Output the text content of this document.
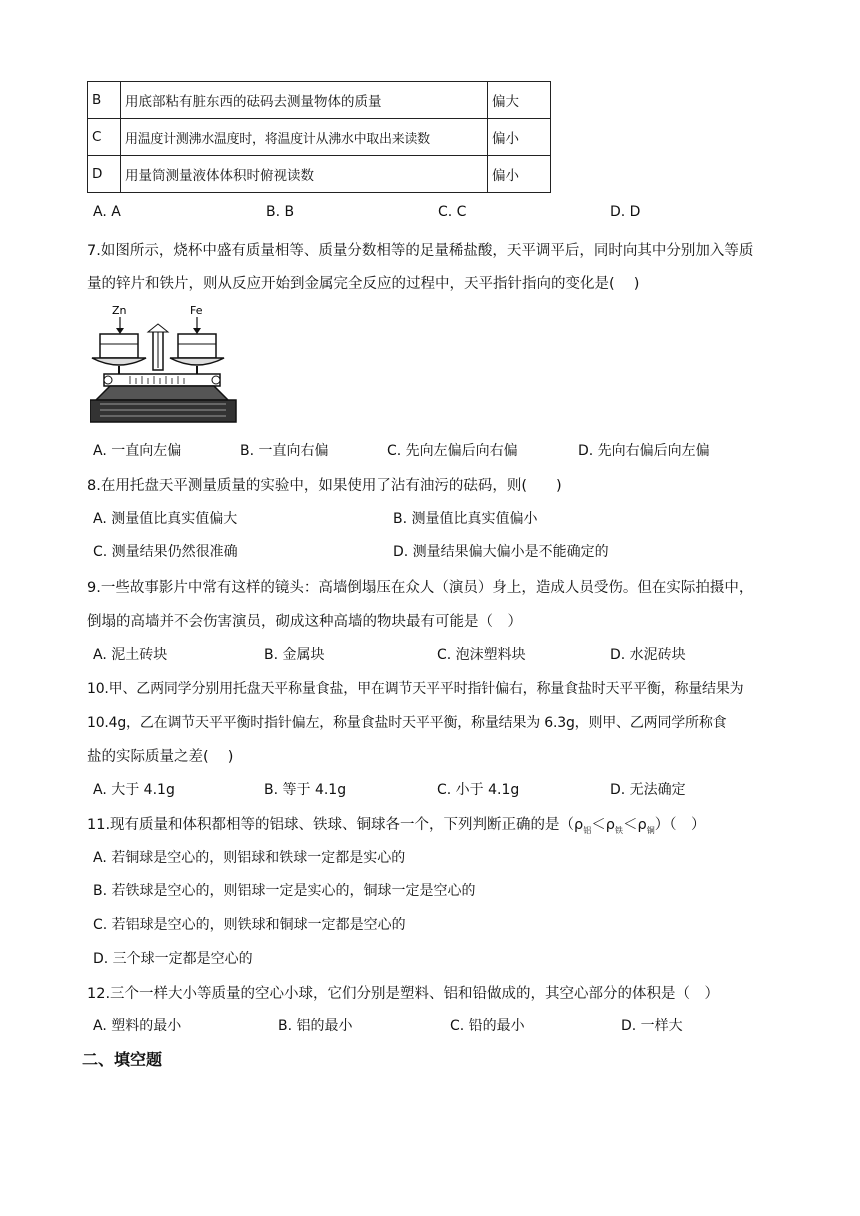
B	用底部粘有脏东西的砝码去测量物体的质量	偏大
C	用温度计测沸水温度时，将温度计从沸水中取出来读数	偏小
D	用量筒测量液体体积时俯视读数	偏小
A. A	B. B	C. C	D. D
7.如图所示，烧杯中盛有质量相等、质量分数相等的足量稀盐酸，天平调平后，同时向其中分别加入等质
量的锌片和铁片，则从反应开始到金属完全反应的过程中，天平指针指向的变化是(　 )
Zn	Fe
A. 一直向左偏	B. 一直向右偏	C. 先向左偏后向右偏	D. 先向右偏后向左偏
8.在用托盘天平测量质量的实验中，如果使用了沾有油污的砝码，则(　　)
A. 测量值比真实值偏大	B. 测量值比真实值偏小
C. 测量结果仍然很准确	D. 测量结果偏大偏小是不能确定的
9.一些故事影片中常有这样的镜头：高墙倒塌压在众人（演员）身上，造成人员受伤。但在实际拍摄中，
倒塌的高墙并不会伤害演员，砌成这种高墙的物块最有可能是（　）
A. 泥土砖块	B. 金属块	C. 泡沫塑料块	D. 水泥砖块
10.甲、乙两同学分别用托盘天平称量食盐，甲在调节天平平时指针偏右，称量食盐时天平平衡，称量结果为
10.4g，乙在调节天平平衡时指针偏左，称量食盐时天平平衡，称量结果为 6.3g，则甲、乙两同学所称食
盐的实际质量之差(　 )
A. 大于 4.1g	B. 等于 4.1g	C. 小于 4.1g	D. 无法确定
11.现有质量和体积都相等的铝球、铁球、铜球各一个，下列判断正确的是$(\rho_铝<\rho_铁<\rho_铜)$（　）
A. 若铜球是空心的，则铝球和铁球一定都是实心的
B. 若铁球是空心的，则铝球一定是实心的，铜球一定是空心的
C. 若铝球是空心的，则铁球和铜球一定都是空心的
D. 三个球一定都是空心的
12.三个一样大小等质量的空心小球，它们分别是塑料、铝和铅做成的，其空心部分的体积是（　）
A. 塑料的最小	B. 铝的最小	C. 铅的最小	D. 一样大
二、填空题
